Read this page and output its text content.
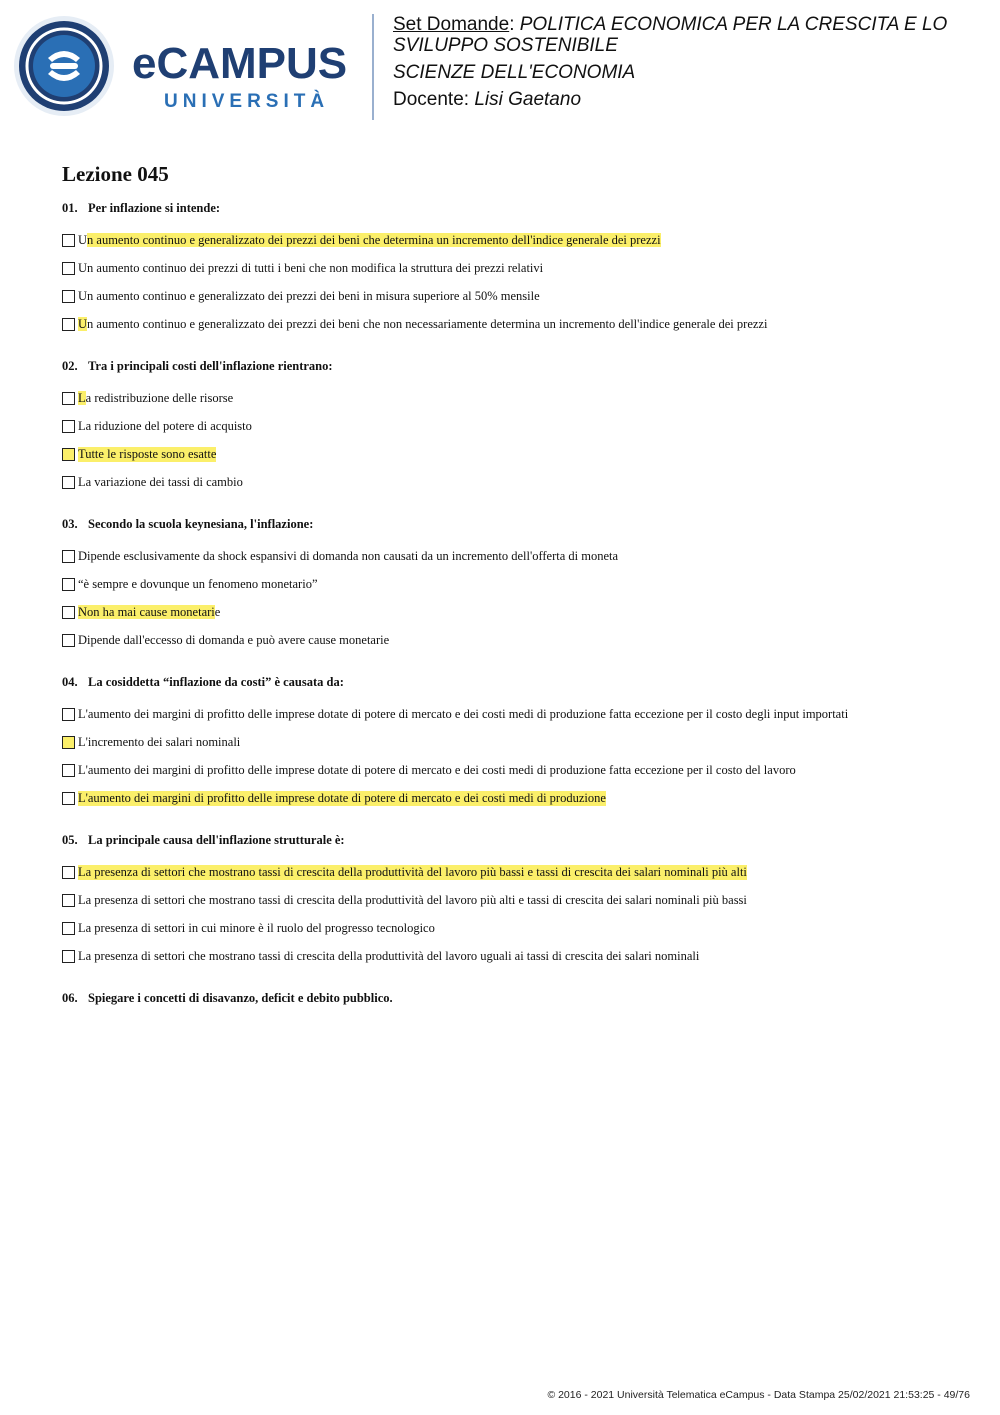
eCAMPUS
UNIVERSITÀ
Set Domande: POLITICA ECONOMICA PER LA CRESCITA E LO
SVILUPPO SOSTENIBILE
SCIENZE DELL'ECONOMIA
Docente: Lisi Gaetano
Lezione 045
01. Per inflazione si intende:
Un aumento continuo e generalizzato dei prezzi dei beni che determina un incremento dell'indice generale dei prezzi
Un aumento continuo dei prezzi di tutti i beni che non modifica la struttura dei prezzi relativi
Un aumento continuo e generalizzato dei prezzi dei beni in misura superiore al 50% mensile
Un aumento continuo e generalizzato dei prezzi dei beni che non necessariamente determina un incremento dell'indice generale dei prezzi
02. Tra i principali costi dell'inflazione rientrano:
La redistribuzione delle risorse
La riduzione del potere di acquisto
Tutte le risposte sono esatte
La variazione dei tassi di cambio
03. Secondo la scuola keynesiana, l'inflazione:
Dipende esclusivamente da shock espansivi di domanda non causati da un incremento dell'offerta di moneta
“è sempre e dovunque un fenomeno monetario”
Non ha mai cause monetarie
Dipende dall'eccesso di domanda e può avere cause monetarie
04. La cosiddetta “inflazione da costi” è causata da:
L'aumento dei margini di profitto delle imprese dotate di potere di mercato e dei costi medi di produzione fatta eccezione per il costo degli input importati
L'incremento dei salari nominali
L'aumento dei margini di profitto delle imprese dotate di potere di mercato e dei costi medi di produzione fatta eccezione per il costo del lavoro
L'aumento dei margini di profitto delle imprese dotate di potere di mercato e dei costi medi di produzione
05. La principale causa dell'inflazione strutturale è:
La presenza di settori che mostrano tassi di crescita della produttività del lavoro più bassi e tassi di crescita dei salari nominali più alti
La presenza di settori che mostrano tassi di crescita della produttività del lavoro più alti e tassi di crescita dei salari nominali più bassi
La presenza di settori in cui minore è il ruolo del progresso tecnologico
La presenza di settori che mostrano tassi di crescita della produttività del lavoro uguali ai tassi di crescita dei salari nominali
06. Spiegare i concetti di disavanzo, deficit e debito pubblico.
© 2016 - 2021 Università Telematica eCampus - Data Stampa 25/02/2021 21:53:25 - 49/76
